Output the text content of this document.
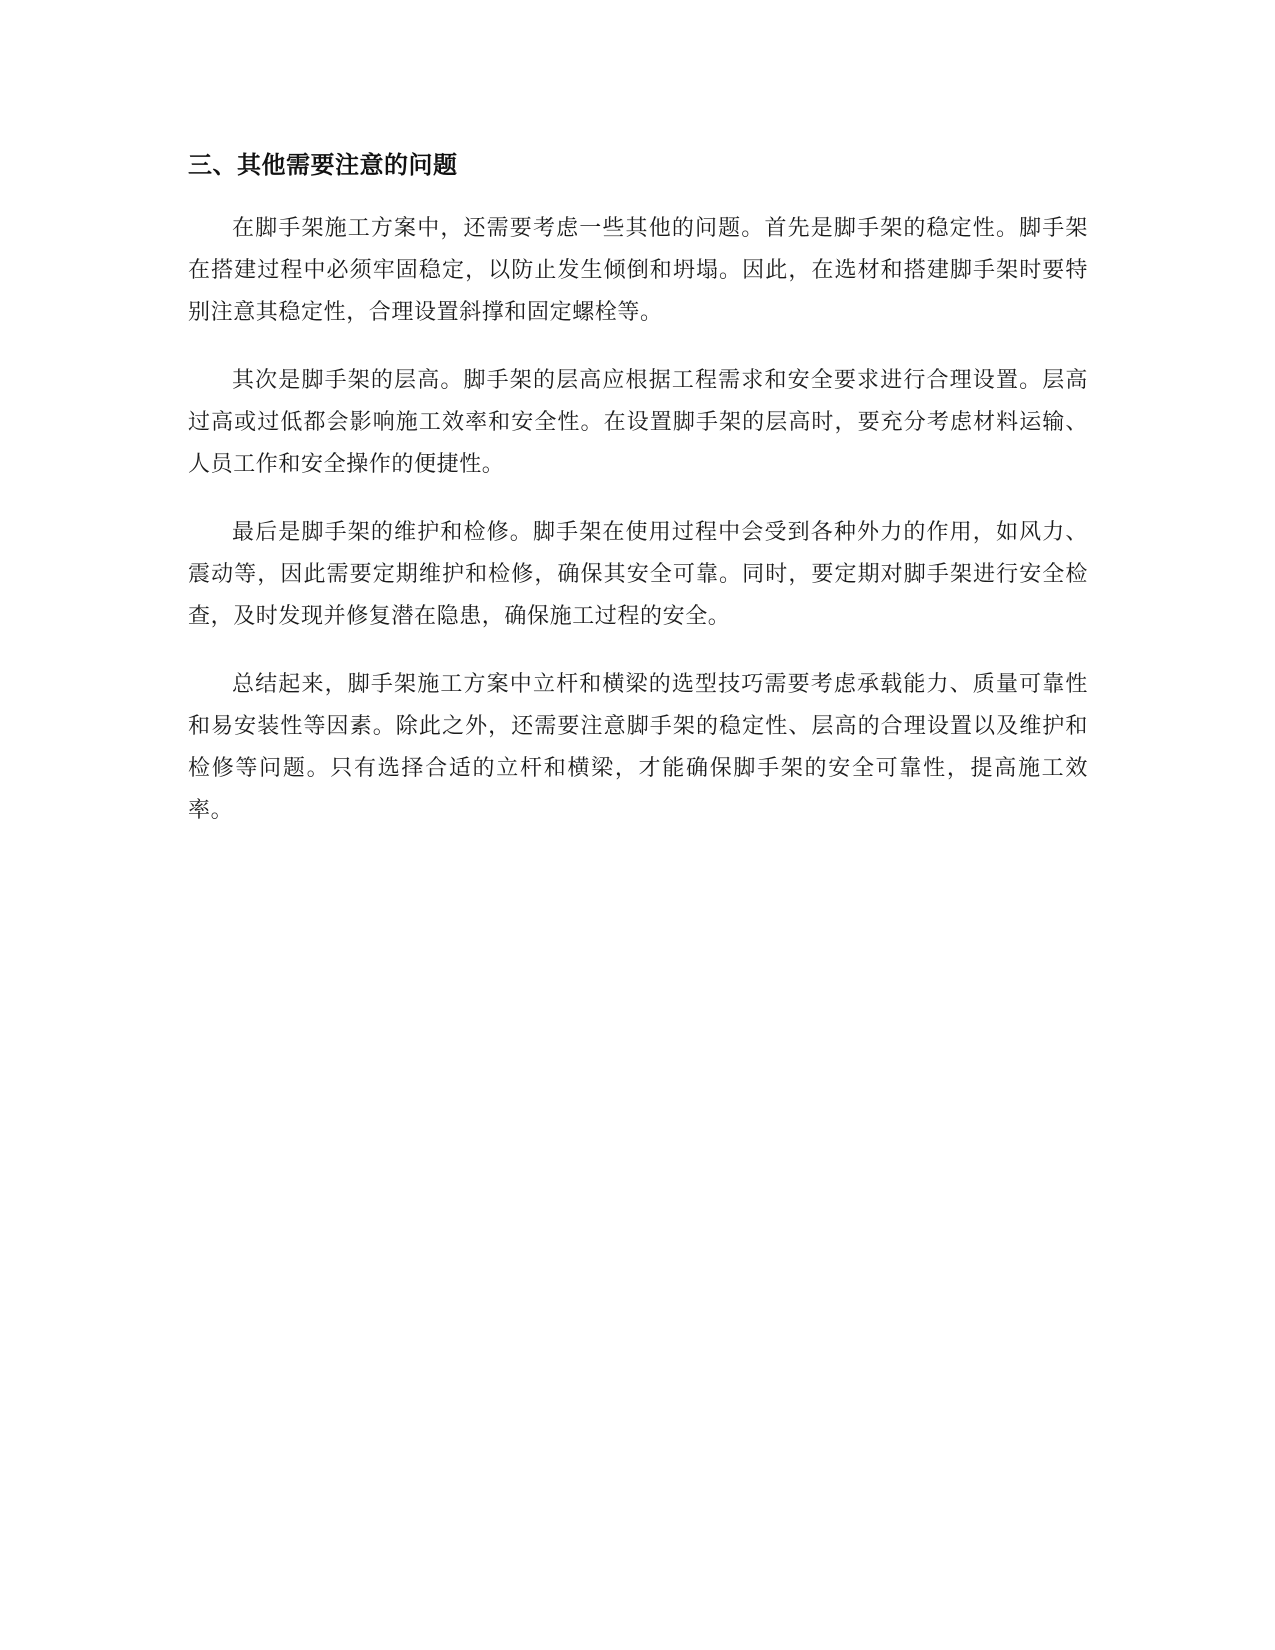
三、其他需要注意的问题

在脚手架施工方案中，还需要考虑一些其他的问题。首先是脚手架的稳定性。脚手架在搭建过程中必须牢固稳定，以防止发生倾倒和坍塌。因此，在选材和搭建脚手架时要特别注意其稳定性，合理设置斜撑和固定螺栓等。

其次是脚手架的层高。脚手架的层高应根据工程需求和安全要求进行合理设置。层高过高或过低都会影响施工效率和安全性。在设置脚手架的层高时，要充分考虑材料运输、人员工作和安全操作的便捷性。

最后是脚手架的维护和检修。脚手架在使用过程中会受到各种外力的作用，如风力、震动等，因此需要定期维护和检修，确保其安全可靠。同时，要定期对脚手架进行安全检查，及时发现并修复潜在隐患，确保施工过程的安全。

总结起来，脚手架施工方案中立杆和横梁的选型技巧需要考虑承载能力、质量可靠性和易安装性等因素。除此之外，还需要注意脚手架的稳定性、层高的合理设置以及维护和检修等问题。只有选择合适的立杆和横梁，才能确保脚手架的安全可靠性，提高施工效率。
